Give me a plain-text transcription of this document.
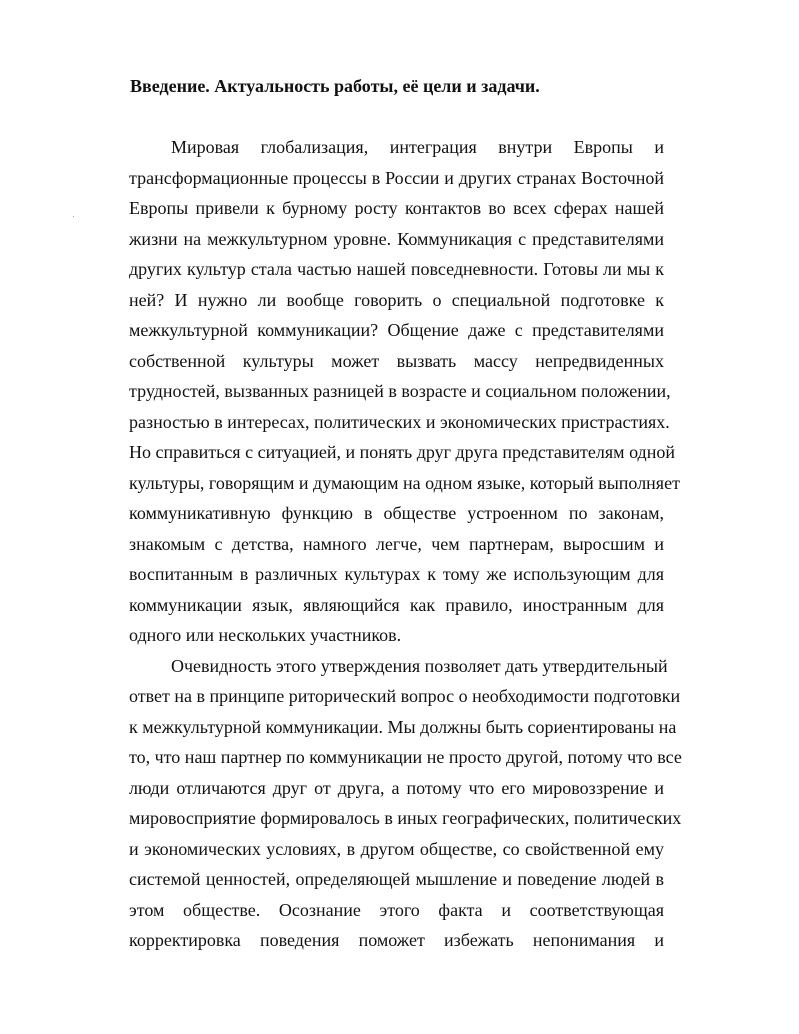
Введение. Актуальность работы, её цели и задачи.
Мировая глобализация, интеграция внутри Европы и
трансформационные процессы в России и других странах Восточной
Европы привели к бурному росту контактов во всех сферах нашей
жизни на межкультурном уровне. Коммуникация с представителями
других культур стала частью нашей повседневности. Готовы ли мы к
ней? И нужно ли вообще говорить о специальной подготовке к
межкультурной коммуникации? Общение даже с представителями
собственной культуры может вызвать массу непредвиденных
трудностей, вызванных разницей в возрасте и социальном положении,
разностью в интересах, политических и экономических пристрастиях.
Но справиться с ситуацией, и понять друг друга представителям одной
культуры, говорящим и думающим на одном языке, который выполняет
коммуникативную функцию в обществе устроенном по законам,
знакомым с детства, намного легче, чем партнерам, выросшим и
воспитанным в различных культурах к тому же использующим для
коммуникации язык, являющийся как правило, иностранным для
одного или нескольких участников.
Очевидность этого утверждения позволяет дать утвердительный
ответ на в принципе риторический вопрос о необходимости подготовки
к межкультурной коммуникации. Мы должны быть сориентированы на
то, что наш партнер по коммуникации не просто другой, потому что все
люди отличаются друг от друга, а потому что его мировоззрение и
мировосприятие формировалось в иных географических, политических
и экономических условиях, в другом обществе, со свойственной ему
системой ценностей, определяющей мышление и поведение людей в
этом обществе. Осознание этого факта и соответствующая
корректировка поведения поможет избежать непонимания и
